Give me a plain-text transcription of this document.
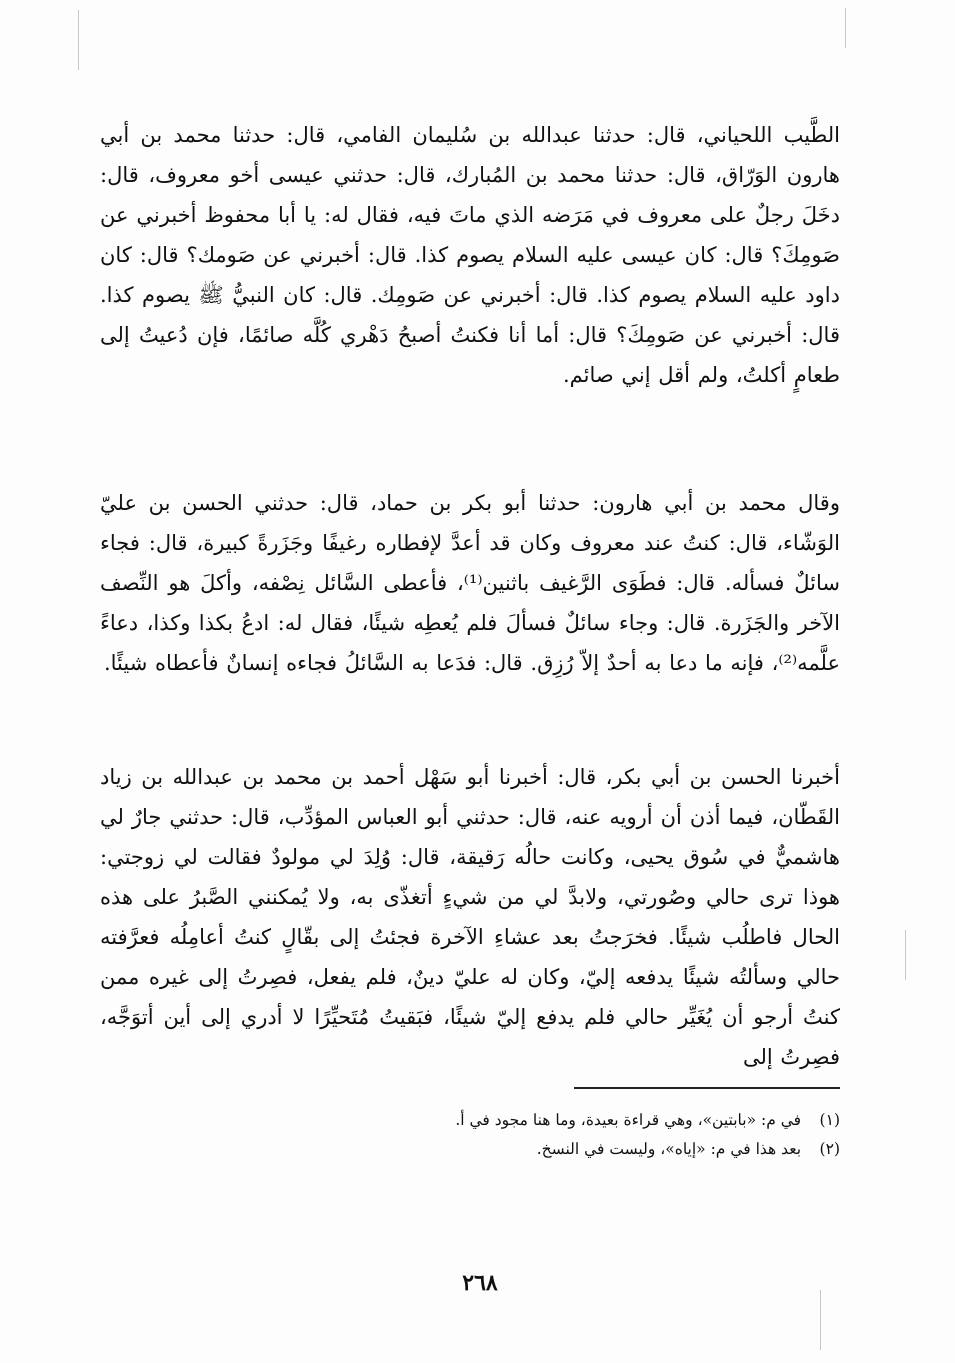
الطَّيب اللحياني، قال: حدثنا عبدالله بن سُليمان الفامي، قال: حدثنا محمد بن أبي هارون الوَرّاق، قال: حدثنا محمد بن المُبارك، قال: حدثني عيسى أخو معروف، قال: دخَلَ رجلٌ على معروف في مَرَضه الذي ماتَ فيه، فقال له: يا أبا محفوظ أخبرني عن صَومِكَ؟ قال: كان عيسى عليه السلام يصوم كذا. قال: أخبرني عن صَومك؟ قال: كان داود عليه السلام يصوم كذا. قال: أخبرني عن صَومِك. قال: كان النبيُّ ﷺ يصوم كذا. قال: أخبرني عن صَومِكَ؟ قال: أما أنا فكنتُ أصبحُ دَهْري كُلَّه صائمًا، فإن دُعيتُ إلى طعامٍ أكلتُ، ولم أقل إني صائم.

وقال محمد بن أبي هارون: حدثنا أبو بكر بن حماد، قال: حدثني الحسن بن عليّ الوَشّاء، قال: كنتُ عند معروف وكان قد أعدَّ لإفطاره رغيفًا وجَزَرةً كبيرة، قال: فجاء سائلٌ فسأله. قال: فطَوَى الرَّغيف باثنين⁽¹⁾، فأعطى السَّائل نِصْفه، وأكلَ هو النِّصف الآخر والجَزَرة. قال: وجاء سائلٌ فسألَ فلم يُعطِه شيئًا، فقال له: ادعُ بكذا وكذا، دعاءً علَّمه⁽²⁾، فإنه ما دعا به أحدٌ إلاّ رُزِق. قال: فدَعا به السَّائلُ فجاءه إنسانٌ فأعطاه شيئًا.

أخبرنا الحسن بن أبي بكر، قال: أخبرنا أبو سَهْل أحمد بن محمد بن عبدالله بن زياد القَطّان، فيما أذن أن أرويه عنه، قال: حدثني أبو العباس المؤدِّب، قال: حدثني جارٌ لي هاشميٌّ في سُوق يحيى، وكانت حالُه رَقيقة، قال: وُلِدَ لي مولودٌ فقالت لي زوجتي: هوذا ترى حالي وصُورتي، ولابدَّ لي من شيءٍ أتغذّى به، ولا يُمكنني الصَّبرُ على هذه الحال فاطلُب شيئًا. فخرَجتُ بعد عشاءِ الآخرة فجئتُ إلى بقّالٍ كنتُ أعامِلُه فعرَّفته حالي وسألتُه شيئًا يدفعه إليّ، وكان له عليّ دينٌ، فلم يفعل، فصِرتُ إلى غيره ممن كنتُ أرجو أن يُغَيِّر حالي فلم يدفع إليّ شيئًا، فبَقيتُ مُتَحيِّرًا لا أدري إلى أين أتوَجَّه، فصِرتُ إلى

(١) في م: «بابتين»، وهي قراءة بعيدة، وما هنا مجود في أ.
(٢) بعد هذا في م: «إياه»، وليست في النسخ.
٢٦٨
